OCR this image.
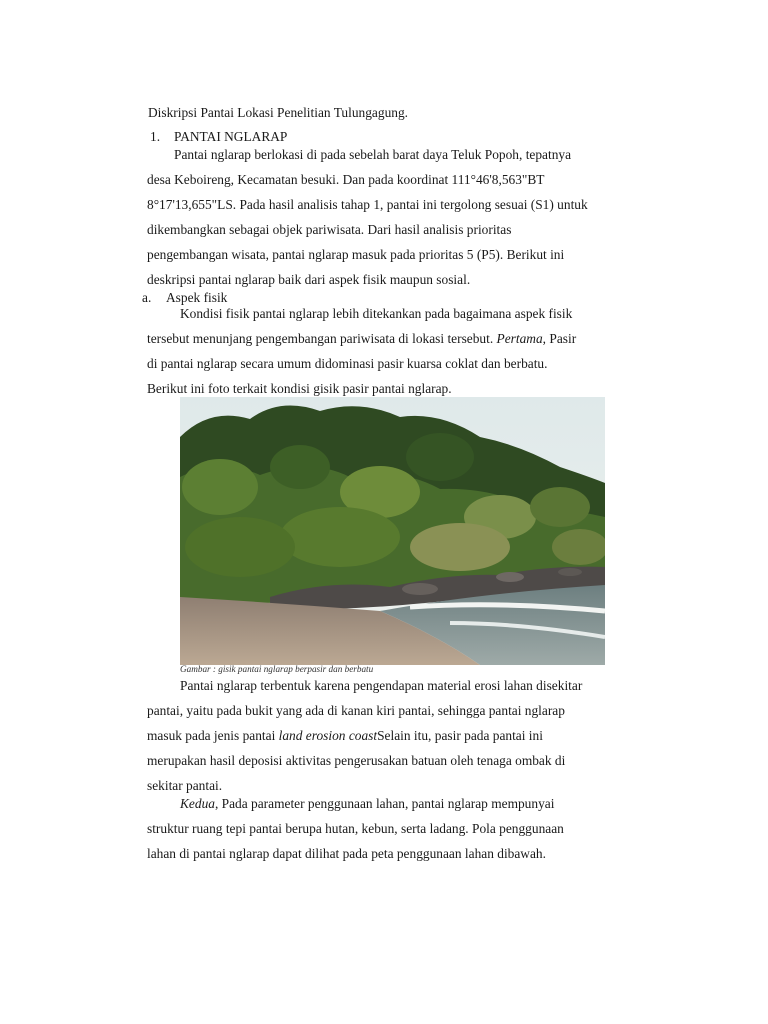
Diskripsi Pantai Lokasi Penelitian Tulungagung.

1. PANTAI NGLARAP

Pantai nglarap berlokasi di pada sebelah barat daya Teluk Popoh, tepatnya

desa Keboireng, Kecamatan besuki. Dan pada koordinat 111°46'8,563"BT

8°17'13,655"LS. Pada hasil analisis tahap 1, pantai ini tergolong sesuai (S1) untuk

dikembangkan sebagai objek pariwisata. Dari hasil analisis prioritas

pengembangan wisata, pantai nglarap masuk pada prioritas 5 (P5). Berikut ini

deskripsi pantai nglarap baik dari aspek fisik maupun sosial.

a. Aspek fisik

Kondisi fisik pantai nglarap lebih ditekankan pada bagaimana aspek fisik

tersebut menunjang pengembangan pariwisata di lokasi tersebut. Pertama, Pasir

di pantai nglarap secara umum didominasi pasir kuarsa coklat dan berbatu.

Berikut ini foto terkait kondisi gisik pasir pantai nglarap.

Gambar : gisik pantai nglarap berpasir dan berbatu

Pantai nglarap terbentuk karena pengendapan material erosi lahan disekitar

pantai, yaitu pada bukit yang ada di kanan kiri pantai, sehingga pantai nglarap

masuk pada jenis pantai land erosion coastSelain itu, pasir pada pantai ini

merupakan hasil deposisi aktivitas pengerusakan batuan oleh tenaga ombak di

sekitar pantai.

Kedua, Pada parameter penggunaan lahan, pantai nglarap mempunyai

struktur ruang tepi pantai berupa hutan, kebun, serta ladang. Pola penggunaan

lahan di pantai nglarap dapat dilihat pada peta penggunaan lahan dibawah.
